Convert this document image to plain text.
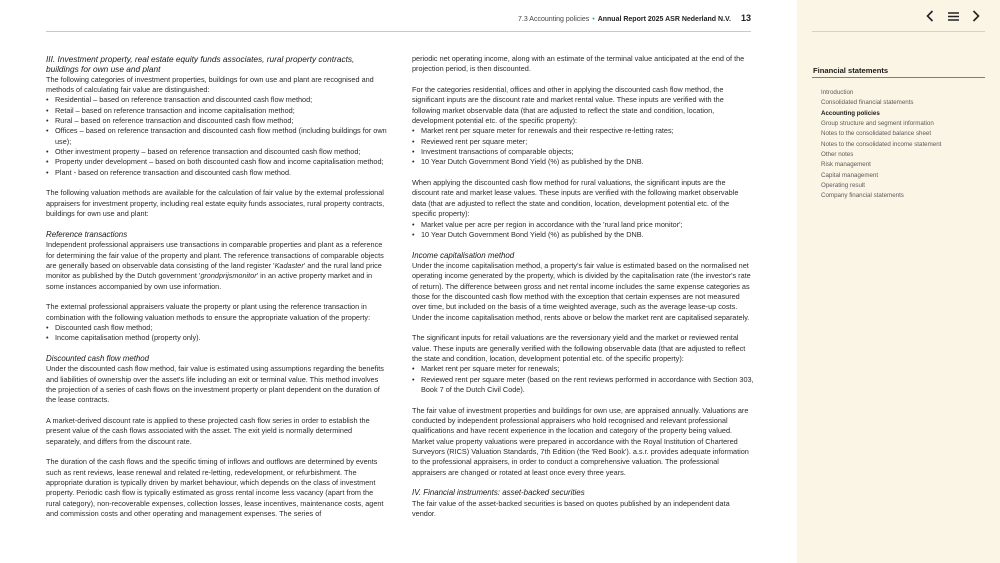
7.3 Accounting policies • Annual Report 2025 ASR Nederland N.V. 13
III. Investment property, real estate equity funds associates, rural property contracts, buildings for own use and plant

The following categories of investment properties, buildings for own use and plant are recognised and methods of calculating fair value are distinguished:

• Residential – based on reference transaction and discounted cash flow method;
• Retail – based on reference transaction and income capitalisation method;
• Rural – based on reference transaction and discounted cash flow method;
• Offices – based on reference transaction and discounted cash flow method (including buildings for own use);
• Other investment property – based on reference transaction and discounted cash flow method;
• Property under development – based on both discounted cash flow and income capitalisation method;
• Plant - based on reference transaction and discounted cash flow method.

The following valuation methods are available for the calculation of fair value by the external professional appraisers for investment property, including real estate equity funds associates, rural property contracts, buildings for own use and plant:

Reference transactions

Independent professional appraisers use transactions in comparable properties and plant as a reference for determining the fair value of the property and plant. The reference transactions of comparable objects are generally based on observable data consisting of the land register 'Kadaster' and the rural land price monitor as published by the Dutch government 'grondprijsmonitor' in an active property market and in some instances accompanied by own use information.

The external professional appraisers valuate the property or plant using the reference transaction in combination with the following valuation methods to ensure the appropriate valuation of the property:

• Discounted cash flow method;
• Income capitalisation method (property only).
Discounted cash flow method

Under the discounted cash flow method, fair value is estimated using assumptions regarding the benefits and liabilities of ownership over the asset's life including an exit or terminal value. This method involves the projection of a series of cash flows on the investment property or plant dependent on the duration of the lease contracts.

A market-derived discount rate is applied to these projected cash flow series in order to establish the present value of the cash flows associated with the asset. The exit yield is normally determined separately, and differs from the discount rate.

The duration of the cash flows and the specific timing of inflows and outflows are determined by events such as rent reviews, lease renewal and related re-letting, redevelopment, or refurbishment. The appropriate duration is typically driven by market behaviour, which depends on the class of investment property. Periodic cash flow is typically estimated as gross rental income less vacancy (apart from the rural category), non-recoverable expenses, collection losses, lease incentives, maintenance costs, agent and commission costs and other operating and management expenses. The series of

periodic net operating income, along with an estimate of the terminal value anticipated at the end of the projection period, is then discounted.

For the categories residential, offices and other in applying the discounted cash flow method, the significant inputs are the discount rate and market rental value. These inputs are verified with the following market observable data (that are adjusted to reflect the state and condition, location, development potential etc. of the specific property):

• Market rent per square meter for renewals and their respective re-letting rates;
• Reviewed rent per square meter;
• Investment transactions of comparable objects;
• 10 Year Dutch Government Bond Yield (%) as published by the DNB.

When applying the discounted cash flow method for rural valuations, the significant inputs are the discount rate and market lease values. These inputs are verified with the following market observable data (that are adjusted to reflect the state and condition, location, development potential etc. of the specific property):

• Market value per acre per region in accordance with the 'rural land price monitor';
• 10 Year Dutch Government Bond Yield (%) as published by the DNB.
Income capitalisation method

Under the income capitalisation method, a property's fair value is estimated based on the normalised net operating income generated by the property, which is divided by the capitalisation rate (the investor's rate of return). The difference between gross and net rental income includes the same expense categories as those for the discounted cash flow method with the exception that certain expenses are not measured over time, but included on the basis of a time weighted average, such as the average lease-up costs. Under the income capitalisation method, rents above or below the market rent are capitalised separately.

The significant inputs for retail valuations are the reversionary yield and the market or reviewed rental value. These inputs are generally verified with the following observable data (that are adjusted to reflect the state and condition, location, development potential etc. of the specific property):

• Market rent per square meter for renewals;
• Reviewed rent per square meter (based on the rent reviews performed in accordance with Section 303, Book 7 of the Dutch Civil Code).

The fair value of investment properties and buildings for own use, are appraised annually. Valuations are conducted by independent professional appraisers who hold recognised and relevant professional qualifications and have recent experience in the location and category of the property being valued. Market value property valuations were prepared in accordance with the Royal Institution of Chartered Surveyors (RICS) Valuation Standards, 7th Edition (the 'Red Book'). a.s.r. provides adequate information to the professional appraisers, in order to conduct a comprehensive valuation. The professional appraisers are changed or rotated at least once every three years.

IV. Financial instruments: asset-backed securities

The fair value of the asset-backed securities is based on quotes published by an independent data vendor.

Financial statements
Introduction
Consolidated financial statements
Accounting policies
Group structure and segment information
Notes to the consolidated balance sheet
Notes to the consolidated income statement
Other notes
Risk management
Capital management
Operating result
Company financial statements
